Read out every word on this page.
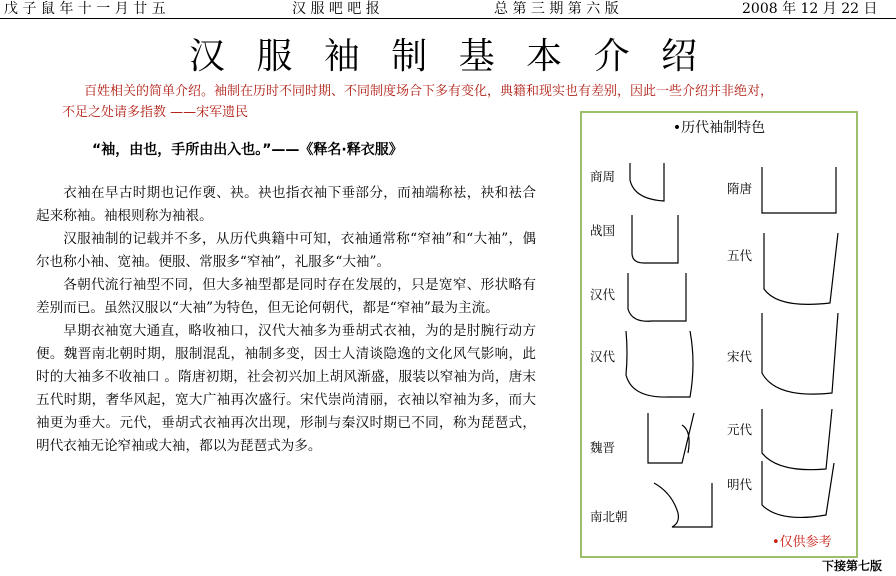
戊 子 鼠 年 十 一 月 廿 五	汉 服 吧 吧 报	总 第 三 期 第 六 版	2008 年 12 月 22 日
汉 服 袖 制 基 本 介 绍
百姓相关的简单介绍。袖制在历时不同时期、不同制度场合下多有变化，典籍和现实也有差别，因此一些介绍并非绝对，
不足之处请多指教 ——宋军遗民
“袖，由也，手所由出入也。”——《释名·释衣服》

衣袖在早古时期也记作褏、袂。袂也指衣袖下垂部分，而袖端称袪，袂和袪合起来称袖。袖根则称为袖裉。

汉服袖制的记载并不多，从历代典籍中可知，衣袖通常称“窄袖”和“大袖”，偶尔也称小袖、宽袖。便服、常服多“窄袖”，礼服多“大袖”。

各朝代流行袖型不同，但大多袖型都是同时存在发展的，只是宽窄、形状略有差别而已。虽然汉服以“大袖”为特色，但无论何朝代，都是“窄袖”最为主流。

早期衣袖宽大通直，略收袖口，汉代大袖多为垂胡式衣袖，为的是肘腕行动方便。魏晋南北朝时期，服制混乱，袖制多变，因士人清谈隐逸的文化风气影响，此时的大袖多不收袖口 。隋唐初期，社会初兴加上胡风渐盛，服装以窄袖为尚，唐末五代时期，奢华风起，宽大广袖再次盛行。宋代崇尚清丽，衣袖以窄袖为多，而大袖更为垂大。元代，垂胡式衣袖再次出现，形制与秦汉时期已不同，称为琵琶式，明代衣袖无论窄袖或大袖，都以为琵琶式为多。

•历代袖制特色
商周
战国
汉代
汉代
魏晋
南北朝
隋唐
五代
宋代
元代
明代
•仅供参考
下接第七版
